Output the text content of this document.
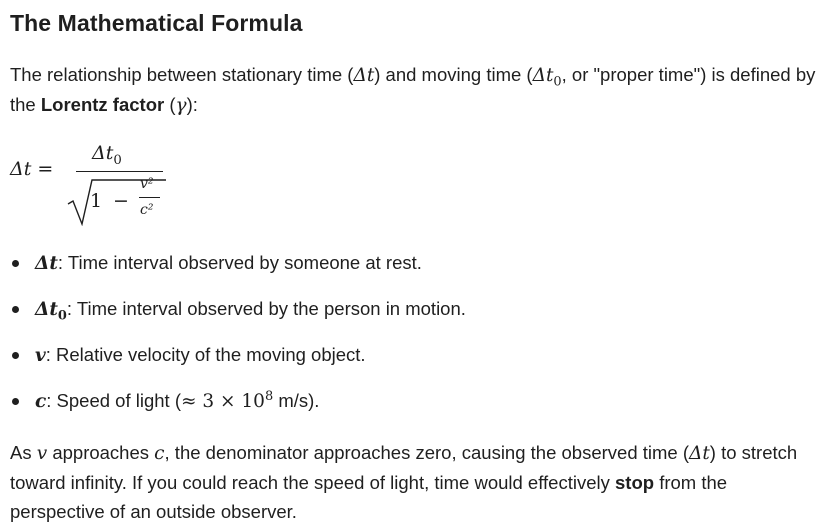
The Mathematical Formula
The relationship between stationary time (Δt) and moving time ($\Delta t_0$, or "proper time") is defined by the Lorentz factor (γ):
Δt =
$\Delta t_0$
1 −
v²
c²
Δt: Time interval observed by someone at rest.
$\Delta t_0$: Time interval observed by the person in motion.
v: Relative velocity of the moving object.
c: Speed of light (≈ $3 \times 10^8$ m/s).
As v approaches c, the denominator approaches zero, causing the observed time (Δt) to stretch toward infinity. If you could reach the speed of light, time would effectively stop from the perspective of an outside observer.
